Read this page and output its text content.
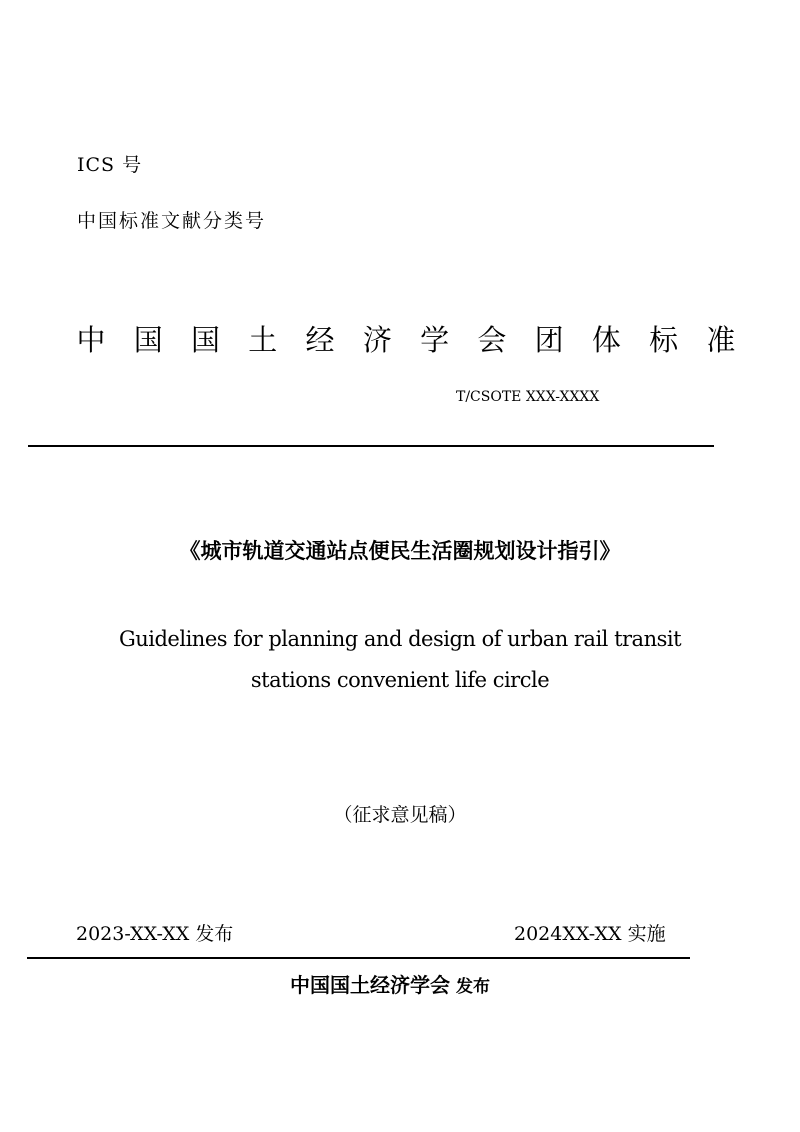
ICS 号
中国标准文献分类号
中 国 国 土 经 济 学 会 团 体 标 准
T/CSOTE XXX-XXXX
《城市轨道交通站点便民生活圈规划设计指引》
Guidelines for planning and design of urban rail transit
stations convenient life circle
（征求意见稿）
2023-XX-XX 发布	2024XX-XX 实施
中国国土经济学会 发布
